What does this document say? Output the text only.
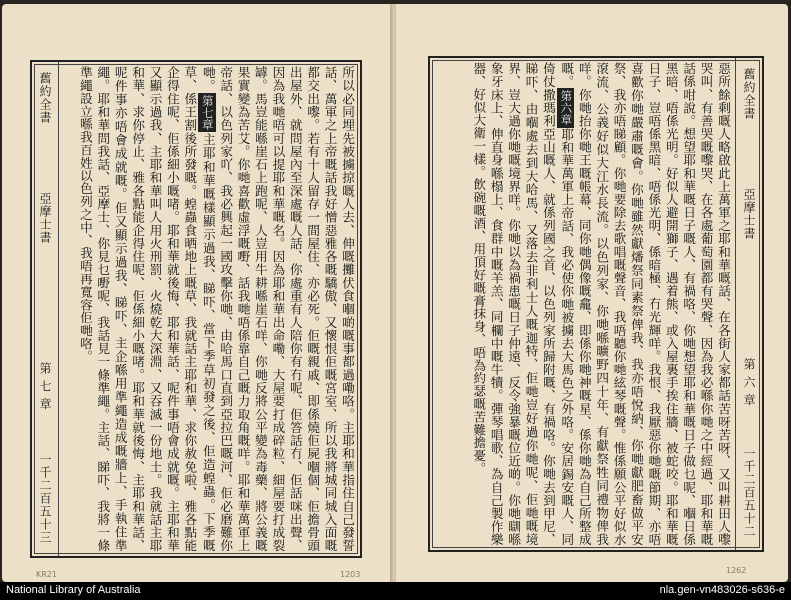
舊約全書
亞摩士書
第 七 章
一千二百五十三	所以必同埋先被擄掠嘅人去、伸嘅攤伏食嗰啲嘅事都過嘞咯。主耶和華指住自己發誓話、萬軍之上帝嘅話我好憎惡雅各嘅驕傲、又懷恨佢嘅宮室、所以我將城同城入面嘅都交出嚟。若有十人留存一間屋住、亦必死。佢嘅親戚、即係燒佢屍嗰個、佢擔骨頭出屋外、就問屋內至深處嘅人話、你處重有人陪你有冇呢、佢答話冇、佢話咪出聲、因為我哋唔可以提耶和華嘅名。因為耶和華出命嘞、大屋要打成碎粒、細屋要打成裂罅。馬豈能喺崖石上跑呢、人豈用牛耕喺崖石咩、你哋反將公平變為毒藥、將公義嘅果實變為苦艾。你哋喜歡虛浮嘅嘢、話我哋唔係靠自己嘅力取角嘅咩。耶和華萬軍上帝話、以色列家吖、我必興起一國攻擊你哋、由哈馬口直到亞拉巴嘅河、佢必磨難你哋。第七章主耶和華嘅樣顯示過我、睇吓、當下季草初發之後、佢造蝗蟲。下季嘅草、係王割後所發嘅。蝗蟲食晒地上嘅草、我就話主耶和華、求你赦免啦、雅各點能企得住呢、佢係細小嘅啫。耶和華就後悔、耶和華話、呢件事唔會成就嘅。主耶和華又顯示過我、主耶和華叫人用火刑罰、火燒乾大深淵、又吞滅一份地土。我就話主耶和華、求你停止、雅各點能企得住呢、佢係細小嘅啫。耶和華就後悔、主耶和華話、呢件事亦唔會成就嘅。佢又顯示過我、睇吓、主企喺用準繩造成嘅牆上、手執住準繩。耶和華問我話、亞摩士、你見乜嘢呢、我話見一條準繩。主話、睇吓、我將一條準繩設立喺我百姓以色列之中、我唔再寬容佢哋咯。

KR21	1203

惡所餘剩嘅人略啟此上萬軍之耶和華嘅話、在各街人家都話苦呀苦呀、又叫耕田人嚟哭叫、有善哭嘅嚟哭、在各處葡萄園都有哭聲、因為我必喺你哋之中經過、耶和華嘅話係咁說。想望耶和華嘅日子嘅人、有禍咯、你哋想望耶和華嘅日子做乜呢、嗰日係黑暗、唔係光明。好似人避開獅子、遇着熊、或入屋裏手挨住牆、被蛇咬。耶和華嘅日子、豈唔係黑暗、唔係光明、係暗極、冇光輝咩。我恨、我厭惡你哋嘅節期、亦唔喜歡你哋嚴肅嘅會。你哋雖然獻燔祭同素祭俾我、我亦唔悅納、你哋獻肥畜做平安祭、我亦唔睇顧。你哋要除去歌唱嘅聲音、我唔聽你哋絃琴嘅聲。惟係願公平好似水滾流、公義好似大江水長流。以色列家、你哋喺曠野四十年、有獻祭牲同禮物俾我咩。你哋抬你哋王嘅帳幕、同你哋偶像嘅龕、即係你哋神嘅星、係你哋為自己所整成嘅。第六章耶和華萬軍上帝話、我必使你哋被擄去大馬色之外咯。安居錫安嘅人、同倚仗撒瑪利亞山嘅人、就係列國之首、以色列家所歸附嘅、有禍咯。你哋去到甲尼、睇吓、由嗰處去到大哈馬、又落去非利士人嘅迦特、佢哋豈好過你哋呢、佢哋嘅境界、豈大過你哋嘅境界咩。你哋以為禍患嘅日子仲遠、反令強暴嘅位近啲。你哋瞓喺象牙床上、伸直身喺榻上、食群中嘅羊羔、同欄中嘅牛犢。彈琴唱歌、為自己製作樂器、好似大衛一樣。飲碗嘅酒、用頂好嘅膏抹身、唔為約瑟嘅苦難擔憂。	舊約全書
亞摩士書
第 六 章
一千二百五十二
1262
National Library of Australia	nla.gen-vn483026-s636-e
